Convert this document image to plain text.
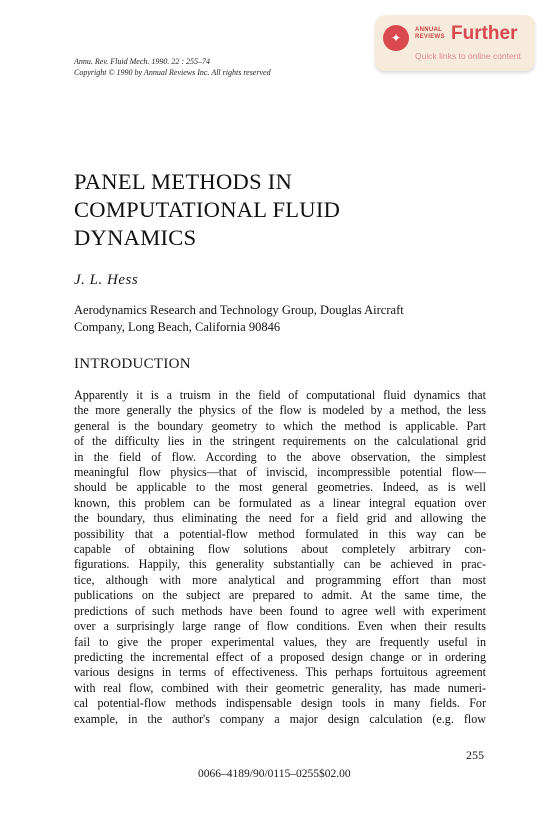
Annu. Rev. Fluid Mech. 1990. 22 : 255–74
Copyright © 1990 by Annual Reviews Inc. All rights reserved
✦
ANNUAL
REVIEWS Further
Quick links to online content
PANEL METHODS IN
COMPUTATIONAL FLUID
DYNAMICS
J. L. Hess
Aerodynamics Research and Technology Group, Douglas Aircraft
Company, Long Beach, California 90846
INTRODUCTION
Apparently it is a truism in the field of computational fluid dynamics that
the more generally the physics of the flow is modeled by a method, the less
general is the boundary geometry to which the method is applicable. Part
of the difficulty lies in the stringent requirements on the calculational grid
in the field of flow. According to the above observation, the simplest
meaningful flow physics—that of inviscid, incompressible potential flow—
should be applicable to the most general geometries. Indeed, as is well
known, this problem can be formulated as a linear integral equation over
the boundary, thus eliminating the need for a field grid and allowing the
possibility that a potential-flow method formulated in this way can be
capable of obtaining flow solutions about completely arbitrary con-
figurations. Happily, this generality substantially can be achieved in prac-
tice, although with more analytical and programming effort than most
publications on the subject are prepared to admit. At the same time, the
predictions of such methods have been found to agree well with experiment
over a surprisingly large range of flow conditions. Even when their results
fail to give the proper experimental values, they are frequently useful in
predicting the incremental effect of a proposed design change or in ordering
various designs in terms of effectiveness. This perhaps fortuitous agreement
with real flow, combined with their geometric generality, has made numeri-
cal potential-flow methods indispensable design tools in many fields. For
example, in the author's company a major design calculation (e.g. flow
255
0066–4189/90/0115–0255$02.00
